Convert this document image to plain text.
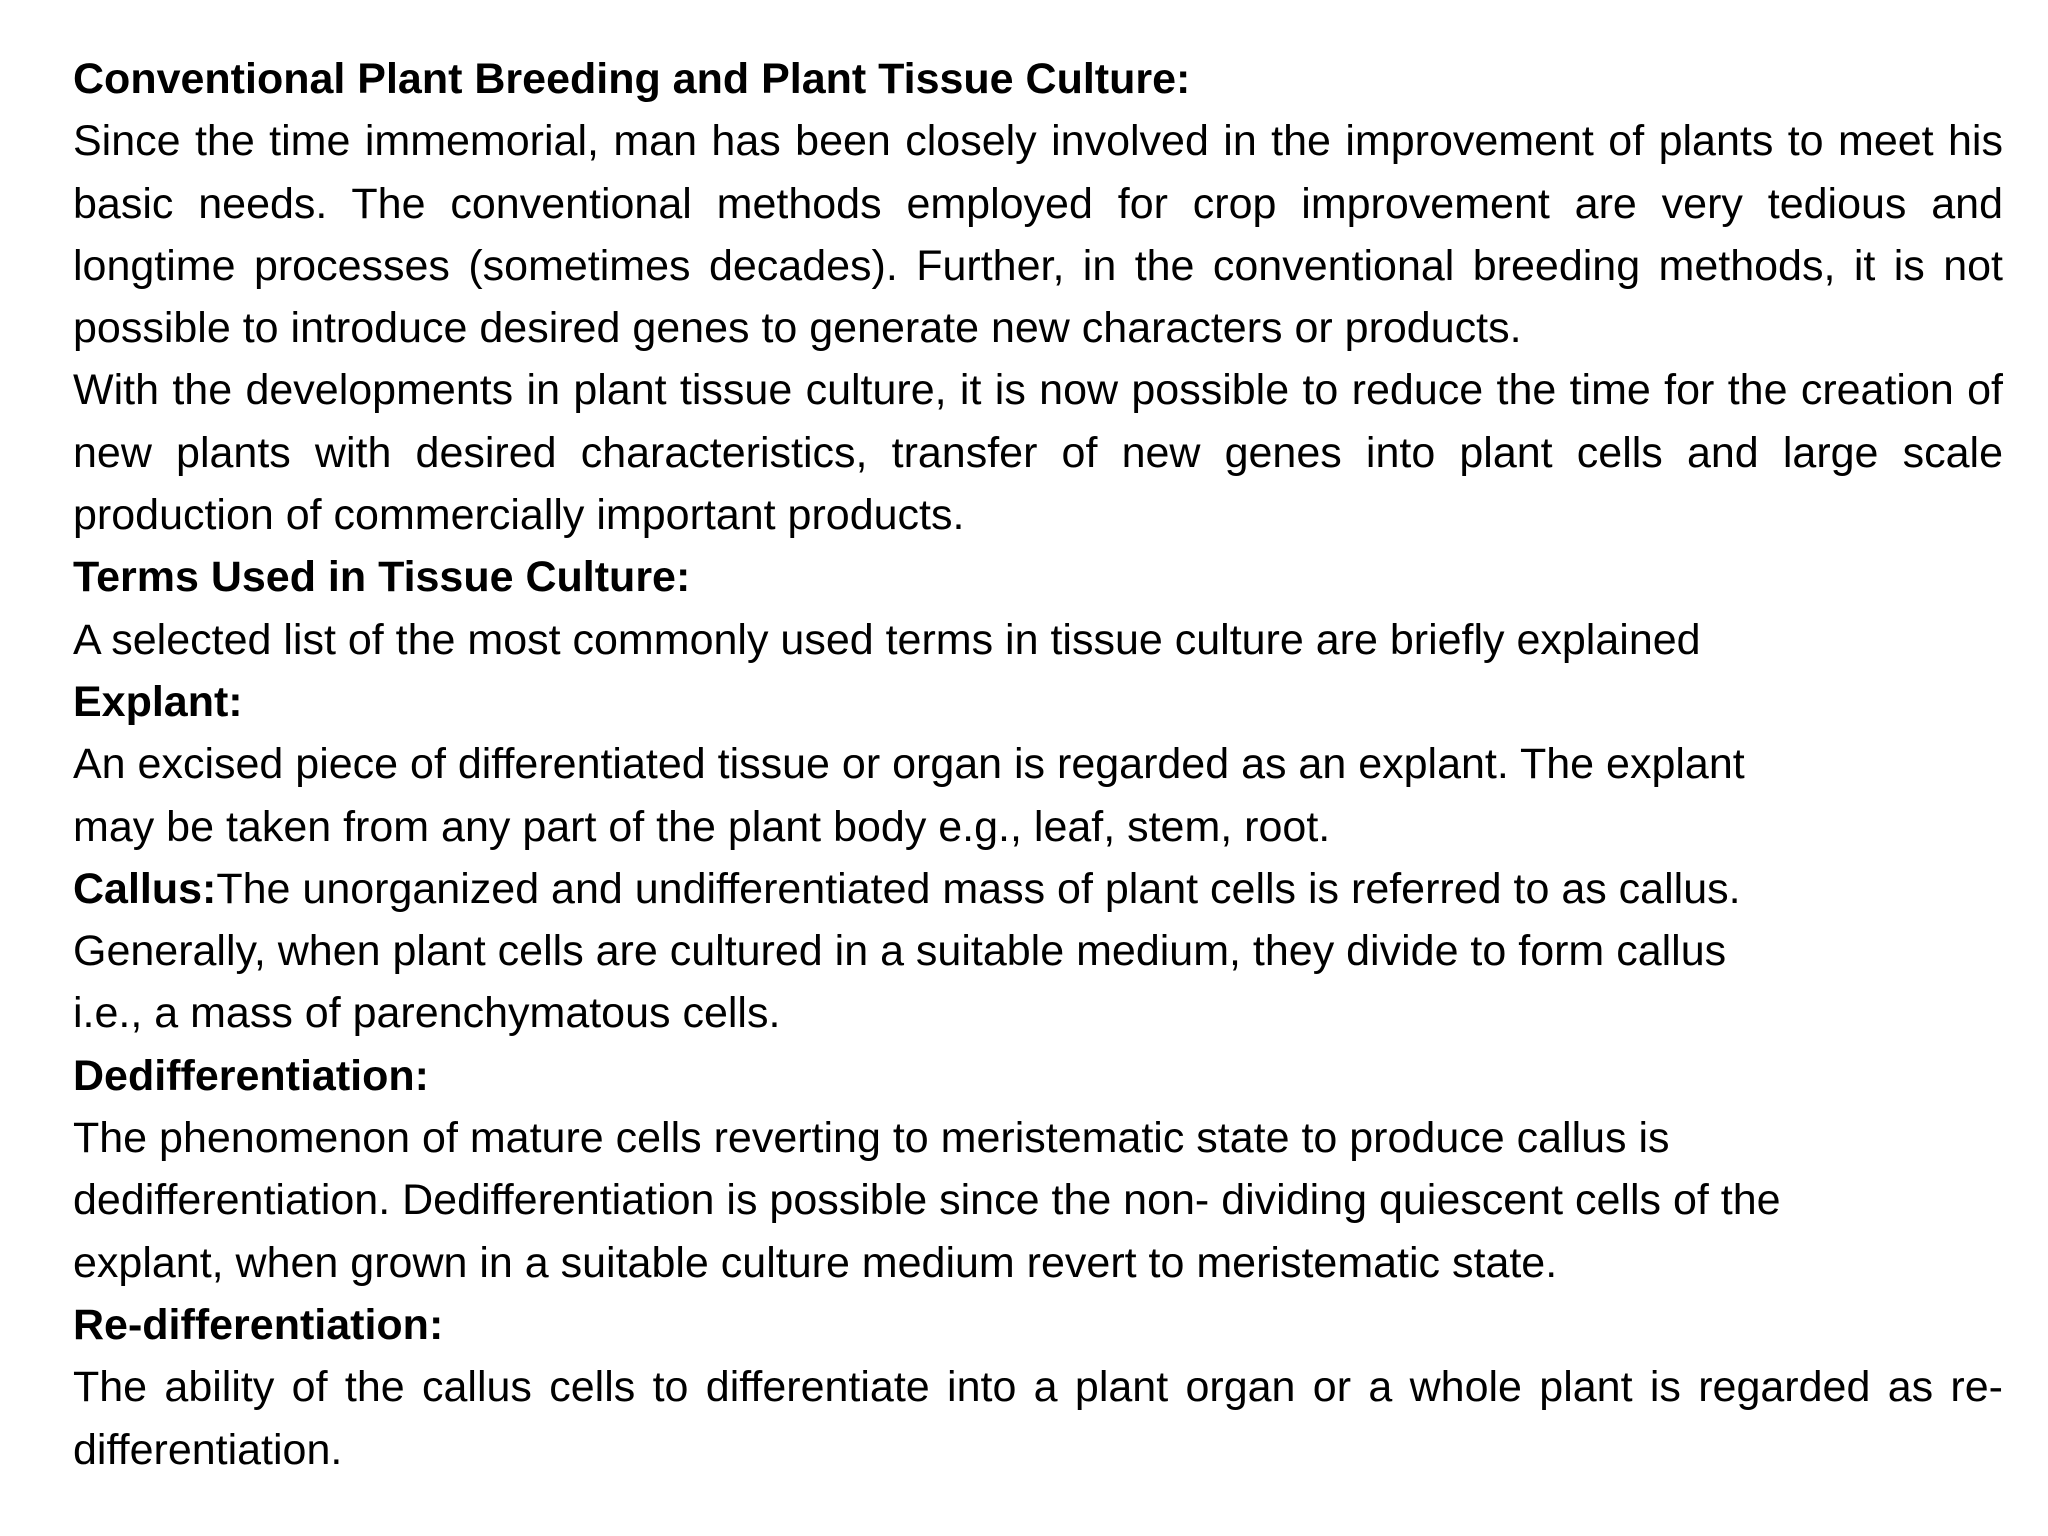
Conventional Plant Breeding and Plant Tissue Culture:

Since the time immemorial, man has been closely involved in the improvement of plants to meet his basic needs. The conventional methods employed for crop improvement are very tedious and longtime processes (sometimes decades). Further, in the conventional breeding methods, it is not possible to introduce desired genes to generate new characters or products.

With the developments in plant tissue culture, it is now possible to reduce the time for the creation of new plants with desired characteristics, transfer of new genes into plant cells and large scale production of commercially important products.

Terms Used in Tissue Culture:

A selected list of the most commonly used terms in tissue culture are briefly explained

Explant:

An excised piece of differentiated tissue or organ is regarded as an explant. The explant
may be taken from any part of the plant body e.g., leaf, stem, root.
Callus:The unorganized and undifferentiated mass of plant cells is referred to as callus.
Generally, when plant cells are cultured in a suitable medium, they divide to form callus
i.e., a mass of parenchymatous cells.

Dedifferentiation:

The phenomenon of mature cells reverting to meristematic state to produce callus is
dedifferentiation. Dedifferentiation is possible since the non- dividing quiescent cells of the
explant, when grown in a suitable culture medium revert to meristematic state.

Re-differentiation:

The ability of the callus cells to differentiate into a plant organ or a whole plant is regarded as re-differentiation.
